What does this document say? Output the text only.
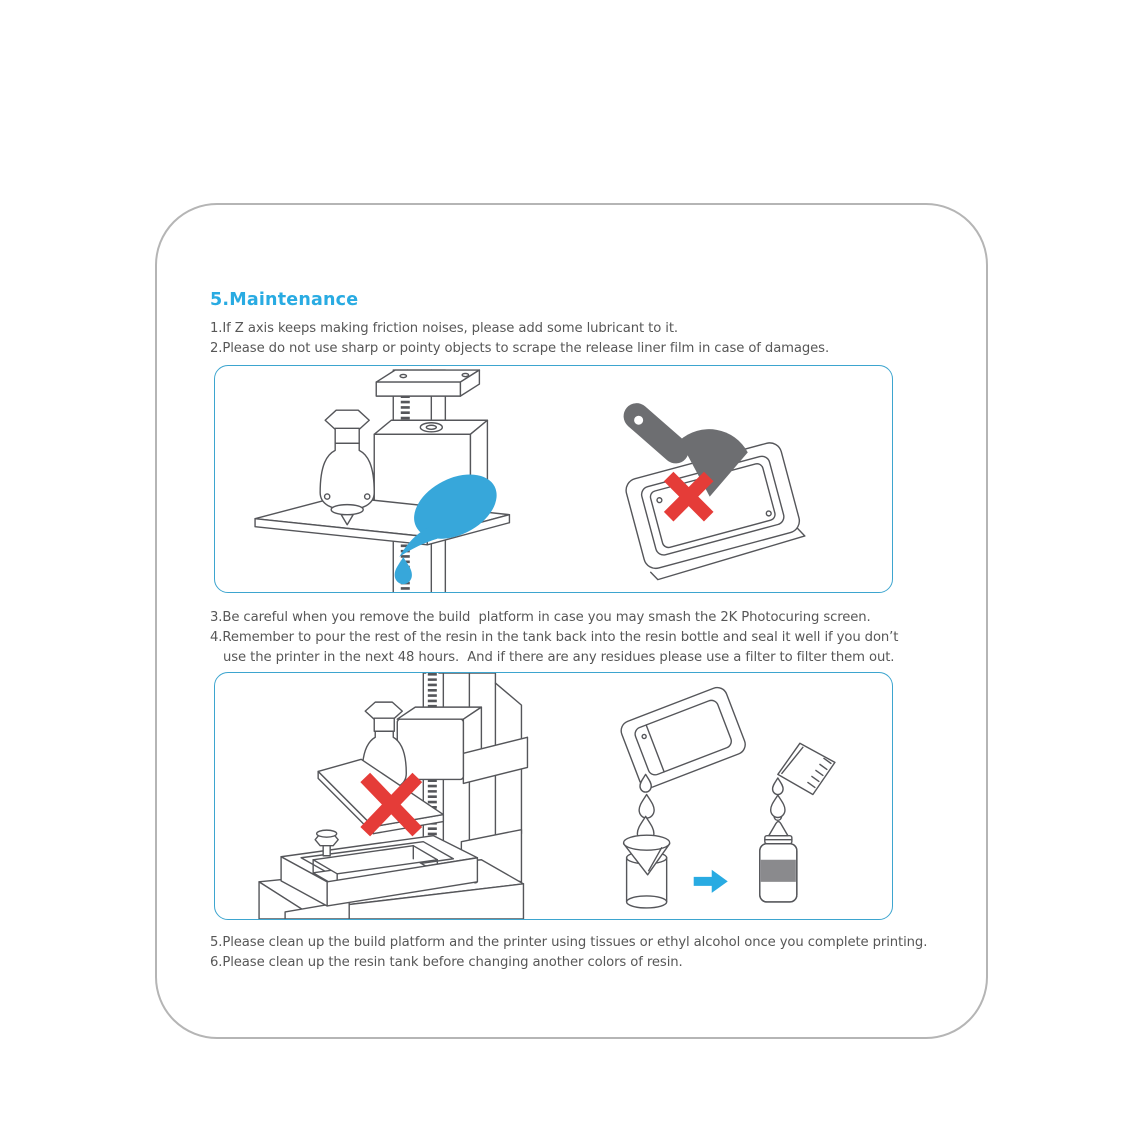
5.Maintenance

1.If Z axis keeps making friction noises, please add some lubricant to it.

2.Please do not use sharp or pointy objects to scrape the release liner film in case of damages.

3.Be careful when you remove the build  platform in case you may smash the 2K Photocuring screen.

4.Remember to pour the rest of the resin in the tank back into the resin bottle and seal it well if you don’t

use the printer in the next 48 hours.  And if there are any residues please use a filter to filter them out.

5.Please clean up the build platform and the printer using tissues or ethyl alcohol once you complete printing.

6.Please clean up the resin tank before changing another colors of resin.
